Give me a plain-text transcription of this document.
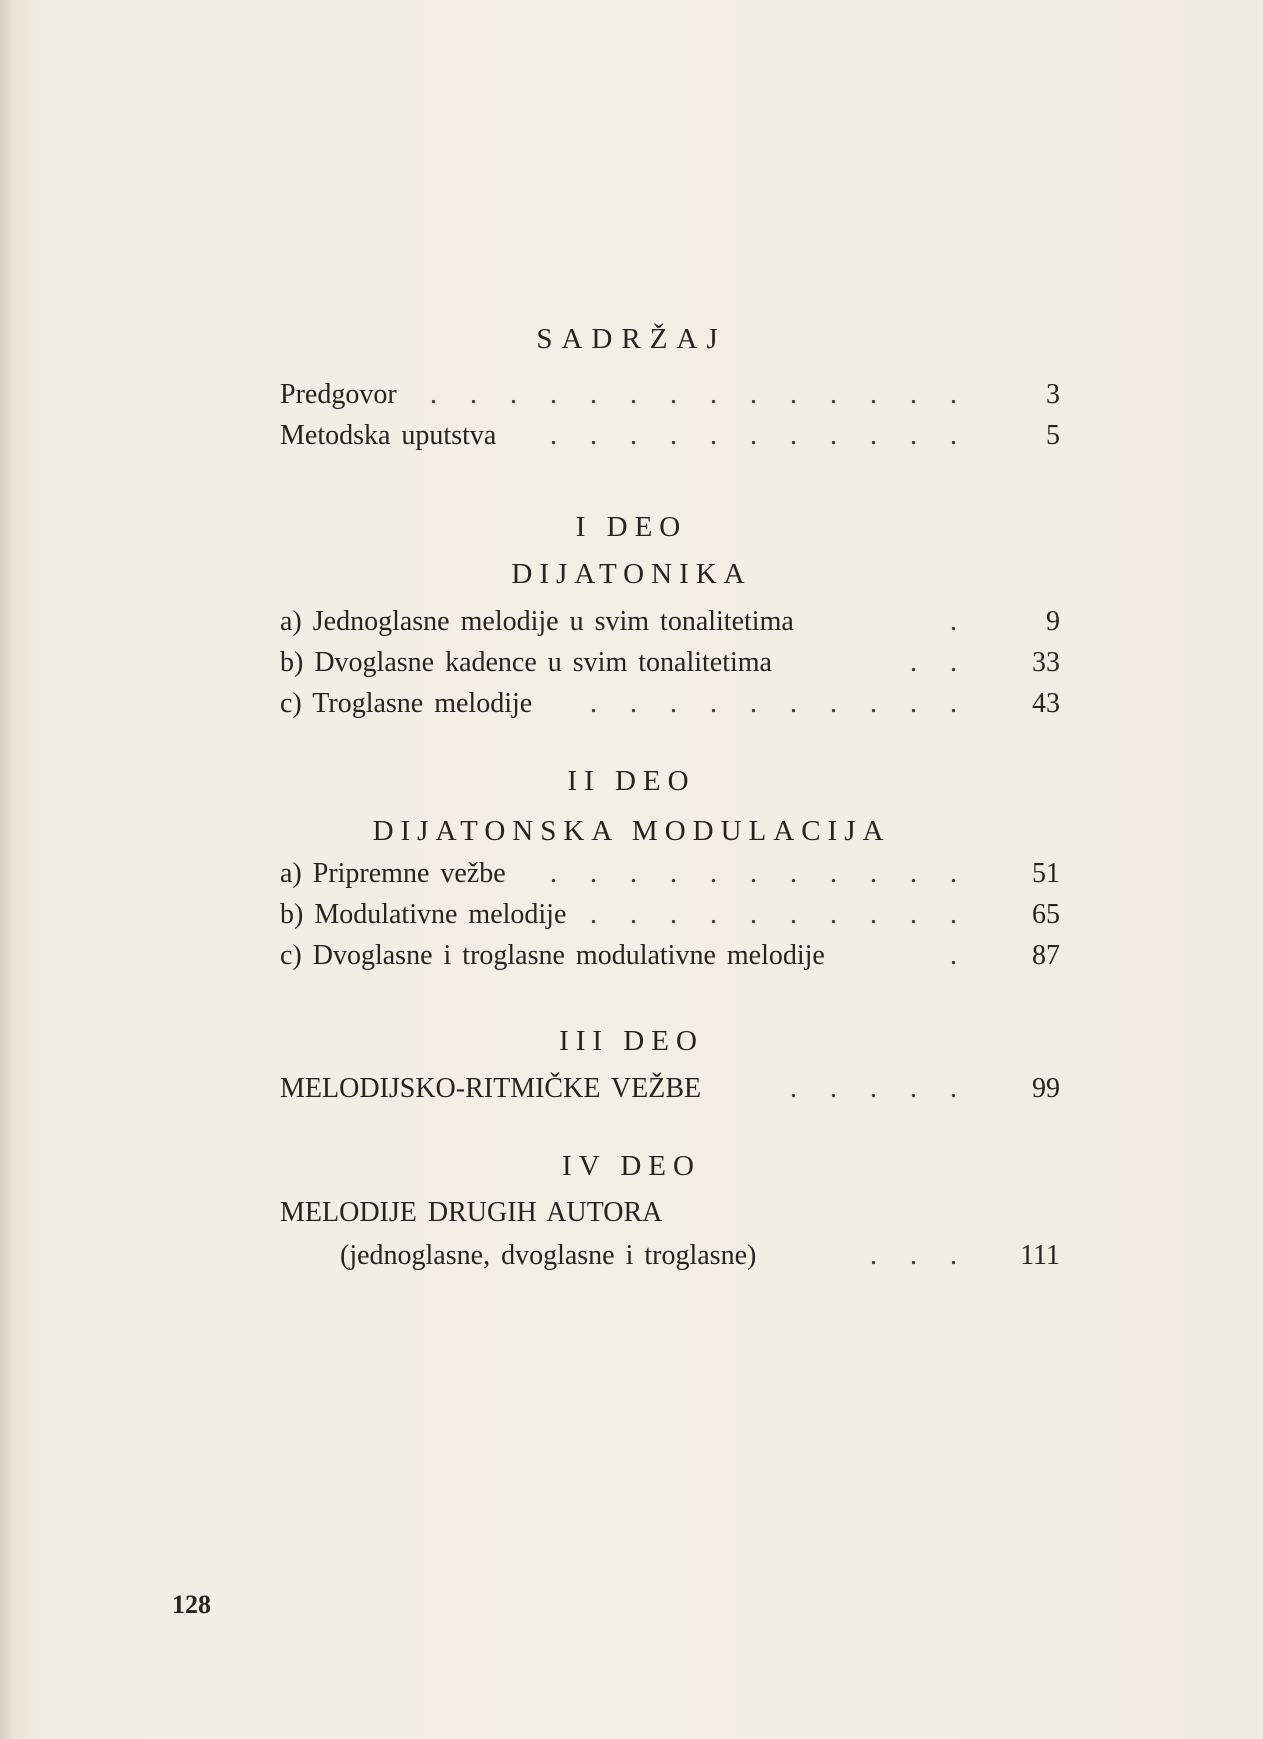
SADRŽAJ
Predgovor . . . . . . . . . . . . . .	3
Metodska uputstva . . . . . . . . . . .	5
I DEO
DIJATONIKA
a) Jednoglasne melodije u svim tonalitetima	.	9
b) Dvoglasne kadence u svim tonalitetima	. . 33
c) Troglasne melodije . . . . . . . . . . 43
II DEO
DIJATONSKA MODULACIJA
a) Pripremne vežbe . . . . . . . . . . . 51
b) Modulativne melodije . . . . . . . . . . 65
c) Dvoglasne i troglasne modulativne melodije	. 87
III DEO
MELODIJSKO-RITMIČKE VEŽBE	. . . . . 99
IV DEO
MELODIJE DRUGIH AUTORA
(jednoglasne, dvoglasne i troglasne)	. . . 111
128
